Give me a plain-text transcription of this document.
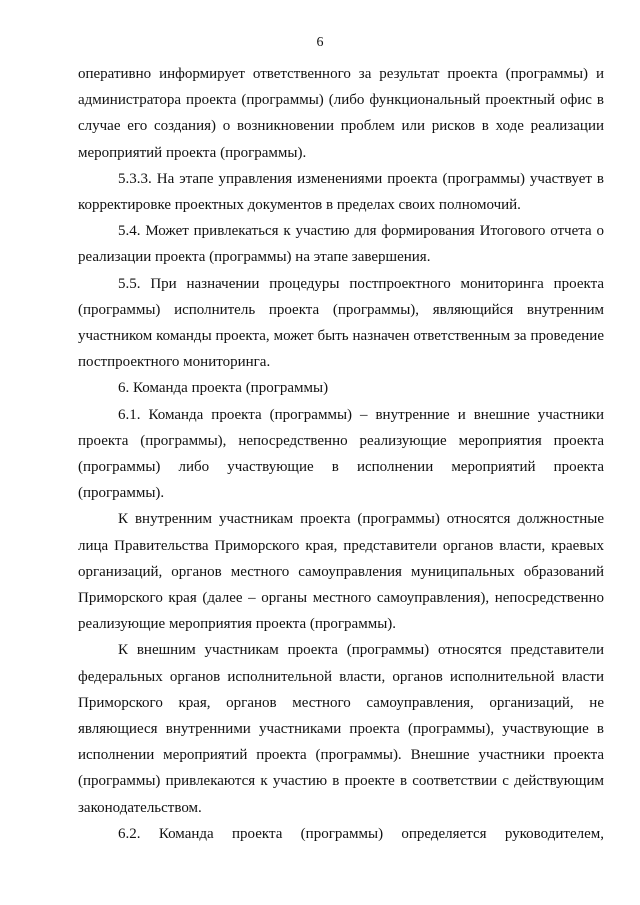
6

оперативно информирует ответственного за результат проекта (программы) и администратора проекта (программы) (либо функциональный проектный офис в случае его создания) о возникновении проблем или рисков в ходе реализации мероприятий проекта (программы).

5.3.3. На этапе управления изменениями проекта (программы) участвует в корректировке проектных документов в пределах своих полномочий.

5.4. Может привлекаться к участию для формирования Итогового отчета о реализации проекта (программы) на этапе завершения.

5.5. При назначении процедуры постпроектного мониторинга проекта (программы) исполнитель проекта (программы), являющийся внутренним участником команды проекта, может быть назначен ответственным за проведение постпроектного мониторинга.

6. Команда проекта (программы)

6.1. Команда проекта (программы) – внутренние и внешние участники проекта (программы), непосредственно реализующие мероприятия проекта (программы) либо участвующие в исполнении мероприятий проекта (программы).

К внутренним участникам проекта (программы) относятся должностные лица Правительства Приморского края, представители органов власти, краевых организаций, органов местного самоуправления муниципальных образований Приморского края (далее – органы местного самоуправления), непосредственно реализующие мероприятия проекта (программы).

К внешним участникам проекта (программы) относятся представители федеральных органов исполнительной власти, органов исполнительной власти Приморского края, органов местного самоуправления, организаций, не являющиеся внутренними участниками проекта (программы), участвующие в исполнении мероприятий проекта (программы). Внешние участники проекта (программы) привлекаются к участию в проекте в соответствии с действующим законодательством.

6.2. Команда проекта (программы) определяется руководителем,
